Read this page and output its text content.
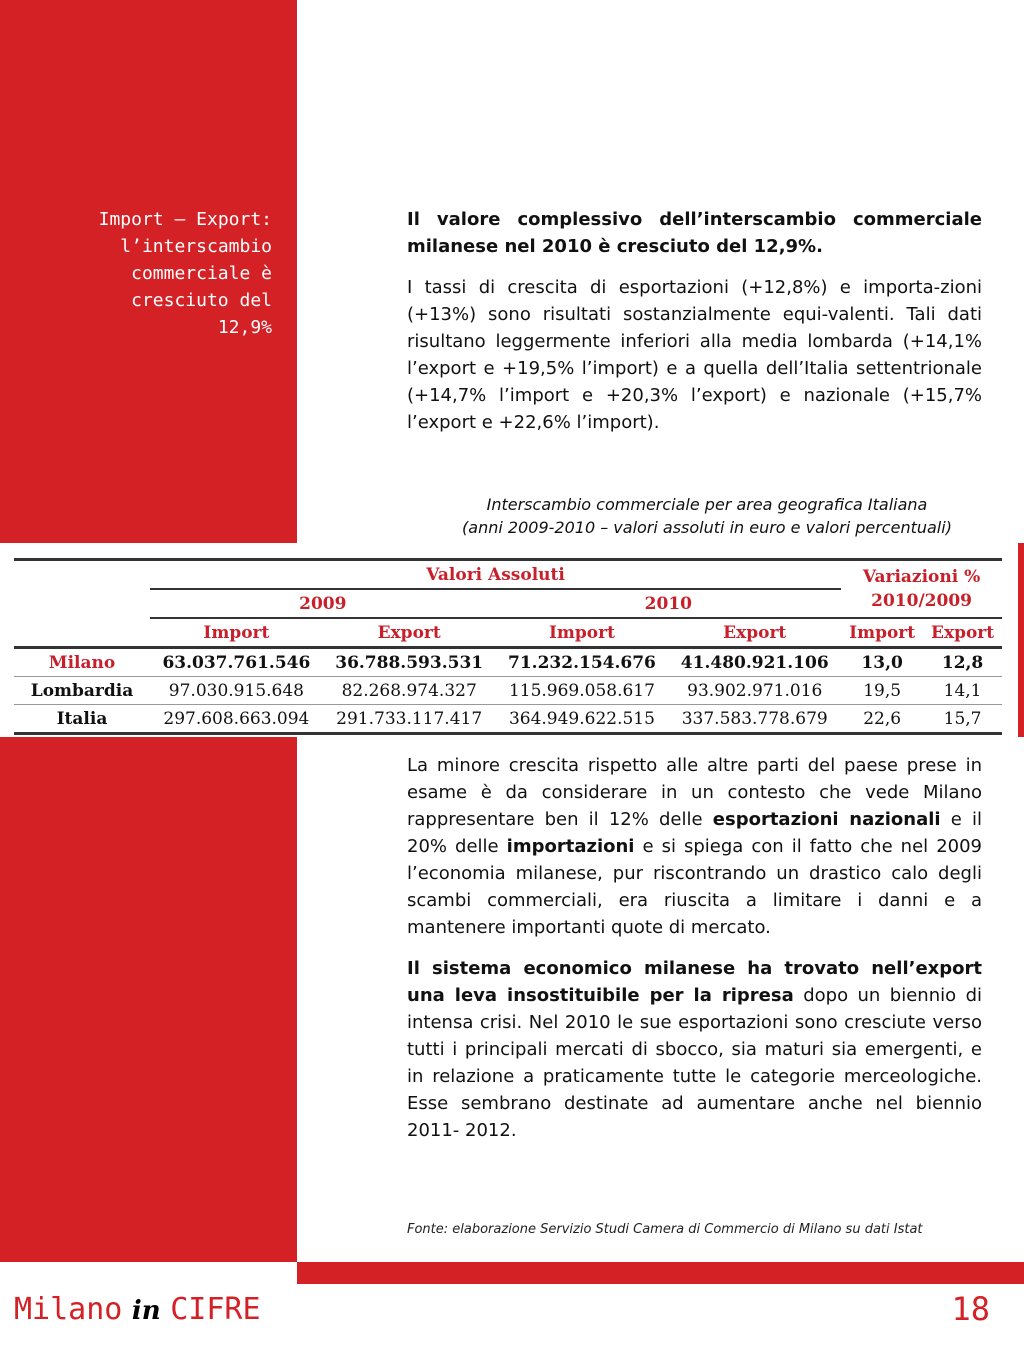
Import – Export:
l’interscambio
commerciale è
cresciuto del
12,9%

Il valore complessivo dell’interscambio commerciale milanese nel 2010 è cresciuto del 12,9%.

I tassi di crescita di esportazioni (+12,8%) e importa-zioni (+13%) sono risultati sostanzialmente equi-valenti. Tali dati risultano leggermente inferiori alla media lombarda (+14,1% l’export e +19,5% l’import) e a quella dell’Italia settentrionale (+14,7% l’import e +20,3% l’export) e nazionale (+15,7% l’export e +22,6% l’import).

Interscambio commerciale per area geografica Italiana
(anni 2009-2010 – valori assoluti in euro e valori percentuali)
	Valori Assoluti				Variazioni %
2010/2009	
	2009		2010			
	Import	Export	Import	Export	Import	Export
Milano	63.037.761.546	36.788.593.531	71.232.154.676	41.480.921.106	13,0	12,8
Lombardia	97.030.915.648	82.268.974.327	115.969.058.617	93.902.971.016	19,5	14,1
Italia	297.608.663.094	291.733.117.417	364.949.622.515	337.583.778.679	22,6	15,7

La minore crescita rispetto alle altre parti del paese prese in esame è da considerare in un contesto che vede Milano rappresentare ben il 12% delle esportazioni nazionali e il 20% delle importazioni e si spiega con il fatto che nel 2009 l’economia milanese, pur riscontrando un drastico calo degli scambi commerciali, era riuscita a limitare i danni e a mantenere importanti quote di mercato.

Il sistema economico milanese ha trovato nell’export una leva insostituibile per la ripresa dopo un biennio di intensa crisi. Nel 2010 le sue esportazioni sono cresciute verso tutti i principali mercati di sbocco, sia maturi sia emergenti, e in relazione a praticamente tutte le categorie merceologiche. Esse sembrano destinate ad aumentare anche nel biennio 2011- 2012.

Fonte: elaborazione Servizio Studi Camera di Commercio di Milano su dati Istat
Milano in CIFRE	18
